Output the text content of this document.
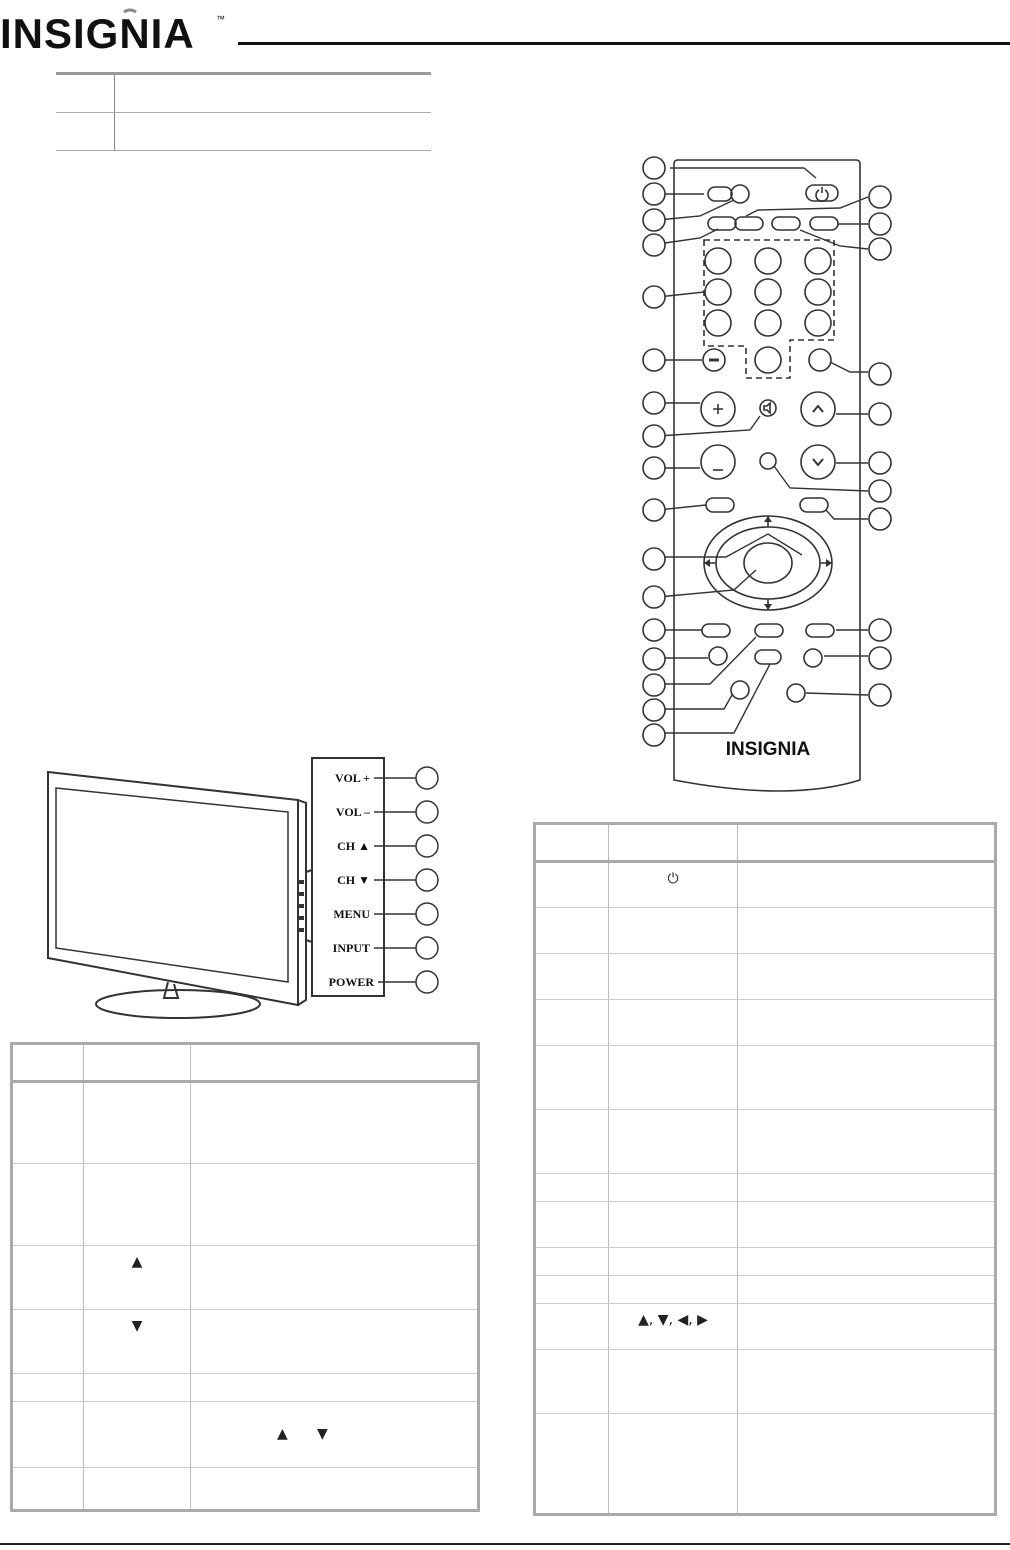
INSIGNIA ™

VOL +
VOL –
CH ▲
CH ▼
MENU
INPUT
POWER

	▲	
	▼	

		▲ ▼

INSIGNIA

	⏻	

	▲, ▼, ◀, ▶	
